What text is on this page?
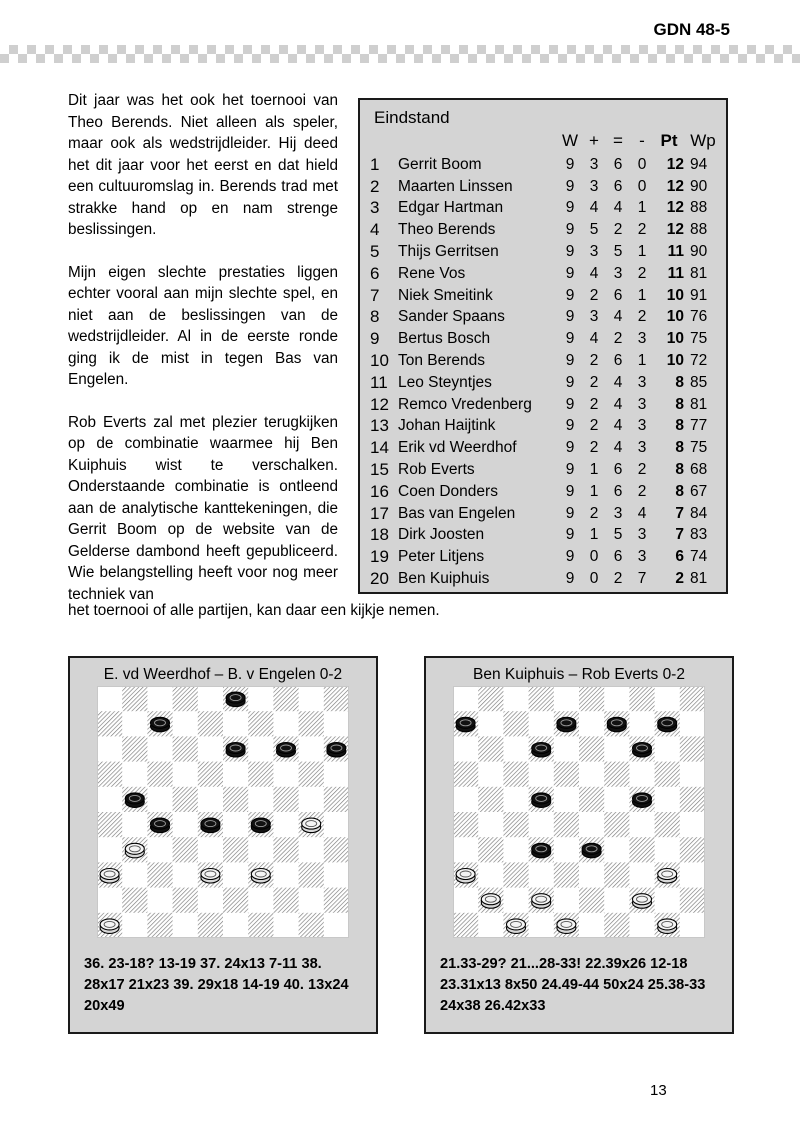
GDN 48-5

Dit jaar was het ook het toernooi van Theo Berends. Niet alleen als speler, maar ook als wedstrijdleider. Hij deed het dit jaar voor het eerst en dat hield een cultuuromslag in. Berends trad met strakke hand op en nam strenge beslissingen.

Mijn eigen slechte prestaties liggen echter vooral aan mijn slechte spel, en niet aan de beslissingen van de wedstrijdleider. Al in de eerste ronde ging ik de mist in tegen Bas van Engelen.

Rob Everts zal met plezier terugkijken op de combinatie waarmee hij Ben Kuiphuis wist te verschalken. Onderstaande combinatie is ontleend aan de analytische kanttekeningen, die Gerrit Boom op de website van de Gelderse dambond heeft gepubliceerd. Wie belangstelling heeft voor nog meer techniek van

het toernooi of alle partijen, kan daar een kijkje nemen.
Eindstand
		W	+	=	-	Pt	Wp
1	Gerrit Boom	9	3	6	0	12	94
2	Maarten Linssen	9	3	6	0	12	90
3	Edgar Hartman	9	4	4	1	12	88
4	Theo Berends	9	5	2	2	12	88
5	Thijs Gerritsen	9	3	5	1	11	90
6	Rene Vos	9	4	3	2	11	81
7	Niek Smeitink	9	2	6	1	10	91
8	Sander Spaans	9	3	4	2	10	76
9	Bertus Bosch	9	4	2	3	10	75
10	Ton Berends	9	2	6	1	10	72
11	Leo Steyntjes	9	2	4	3	8	85
12	Remco Vredenberg	9	2	4	3	8	81
13	Johan Haijtink	9	2	4	3	8	77
14	Erik vd Weerdhof	9	2	4	3	8	75
15	Rob Everts	9	1	6	2	8	68
16	Coen Donders	9	1	6	2	8	67
17	Bas van Engelen	9	2	3	4	7	84
18	Dirk Joosten	9	1	5	3	7	83
19	Peter Litjens	9	0	6	3	6	74
20	Ben Kuiphuis	9	0	2	7	2	81
E. vd Weerdhof – B. v Engelen 0-2
36. 23-18? 13-19 37. 24x13 7-11 38. 28x17 21x23 39. 29x18 14-19 40. 13x24 20x49
Ben Kuiphuis – Rob Everts 0-2
21.33-29? 21...28-33! 22.39x26 12-18 23.31x13 8x50 24.49-44 50x24 25.38-33 24x38 26.42x33
13
